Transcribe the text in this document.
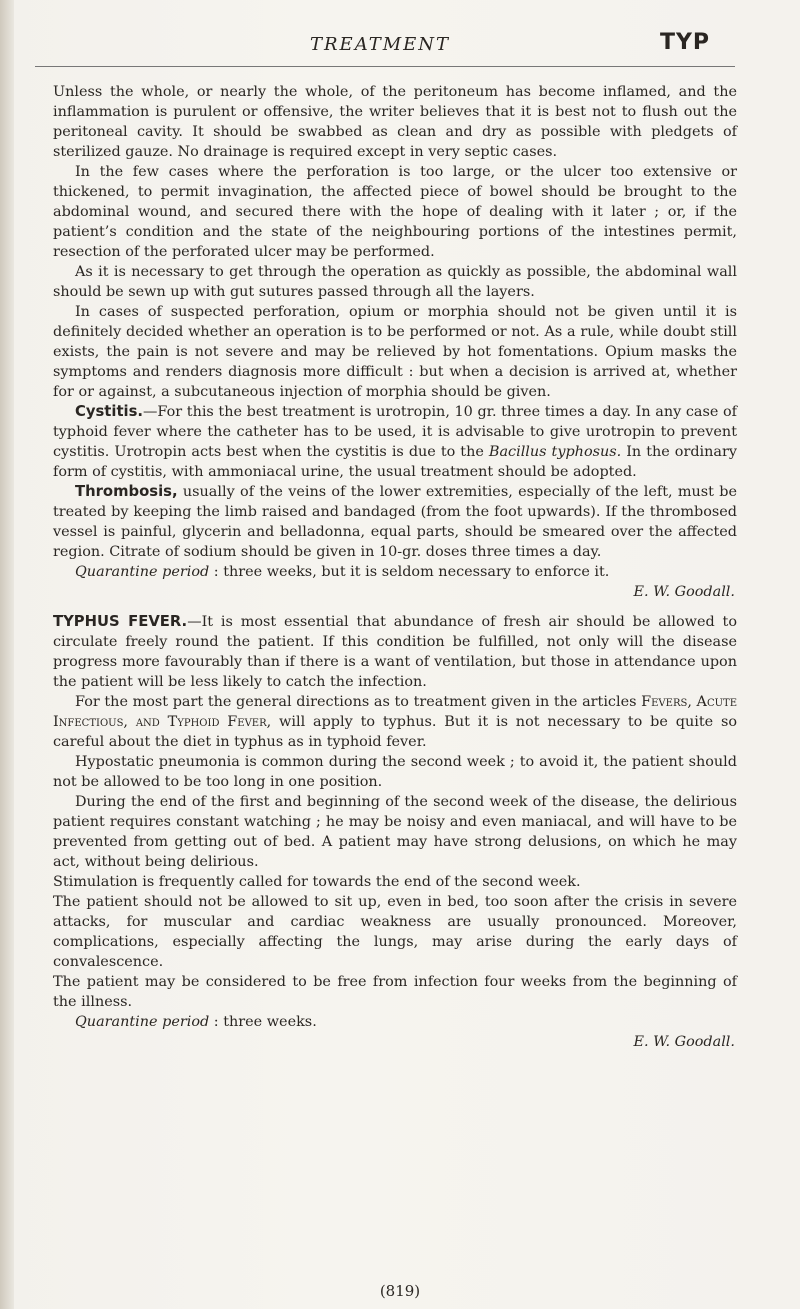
TREATMENT	TYP

Unless the whole, or nearly the whole, of the peritoneum has become inflamed, and the inflammation is purulent or offensive, the writer believes that it is best not to flush out the peritoneal cavity. It should be swabbed as clean and dry as possible with pledgets of sterilized gauze. No drainage is required except in very septic cases.

In the few cases where the perforation is too large, or the ulcer too extensive or thickened, to permit invagination, the affected piece of bowel should be brought to the abdominal wound, and secured there with the hope of dealing with it later ; or, if the patient’s condition and the state of the neighbouring portions of the intestines permit, resection of the perforated ulcer may be performed.

As it is necessary to get through the operation as quickly as possible, the abdominal wall should be sewn up with gut sutures passed through all the layers.

In cases of suspected perforation, opium or morphia should not be given until it is definitely decided whether an operation is to be performed or not. As a rule, while doubt still exists, the pain is not severe and may be relieved by hot fomentations. Opium masks the symptoms and renders diagnosis more difficult : but when a decision is arrived at, whether for or against, a subcutaneous injection of morphia should be given.

Cystitis.—For this the best treatment is urotropin, 10 gr. three times a day. In any case of typhoid fever where the catheter has to be used, it is advisable to give urotropin to prevent cystitis. Urotropin acts best when the cystitis is due to the Bacillus typhosus. In the ordinary form of cystitis, with ammoniacal urine, the usual treatment should be adopted.

Thrombosis, usually of the veins of the lower extremities, especially of the left, must be treated by keeping the limb raised and bandaged (from the foot upwards). If the thrombosed vessel is painful, glycerin and belladonna, equal parts, should be smeared over the affected region. Citrate of sodium should be given in 10-gr. doses three times a day.

Quarantine period : three weeks, but it is seldom necessary to enforce it.

E. W. Goodall.

TYPHUS FEVER.—It is most essential that abundance of fresh air should be allowed to circulate freely round the patient. If this condition be fulfilled, not only will the disease progress more favourably than if there is a want of ventilation, but those in attendance upon the patient will be less likely to catch the infection.

For the most part the general directions as to treatment given in the articles Fevers, Acute Infectious, and Typhoid Fever, will apply to typhus. But it is not necessary to be quite so careful about the diet in typhus as in typhoid fever.

Hypostatic pneumonia is common during the second week ; to avoid it, the patient should not be allowed to be too long in one position.

During the end of the first and beginning of the second week of the disease, the delirious patient requires constant watching ; he may be noisy and even maniacal, and will have to be prevented from getting out of bed. A patient may have strong delusions, on which he may act, without being delirious.

Stimulation is frequently called for towards the end of the second week.

The patient should not be allowed to sit up, even in bed, too soon after the crisis in severe attacks, for muscular and cardiac weakness are usually pronounced. Moreover, complications, especially affecting the lungs, may arise during the early days of convalescence.

The patient may be considered to be free from infection four weeks from the beginning of the illness.

Quarantine period : three weeks.

E. W. Goodall.

(819)
